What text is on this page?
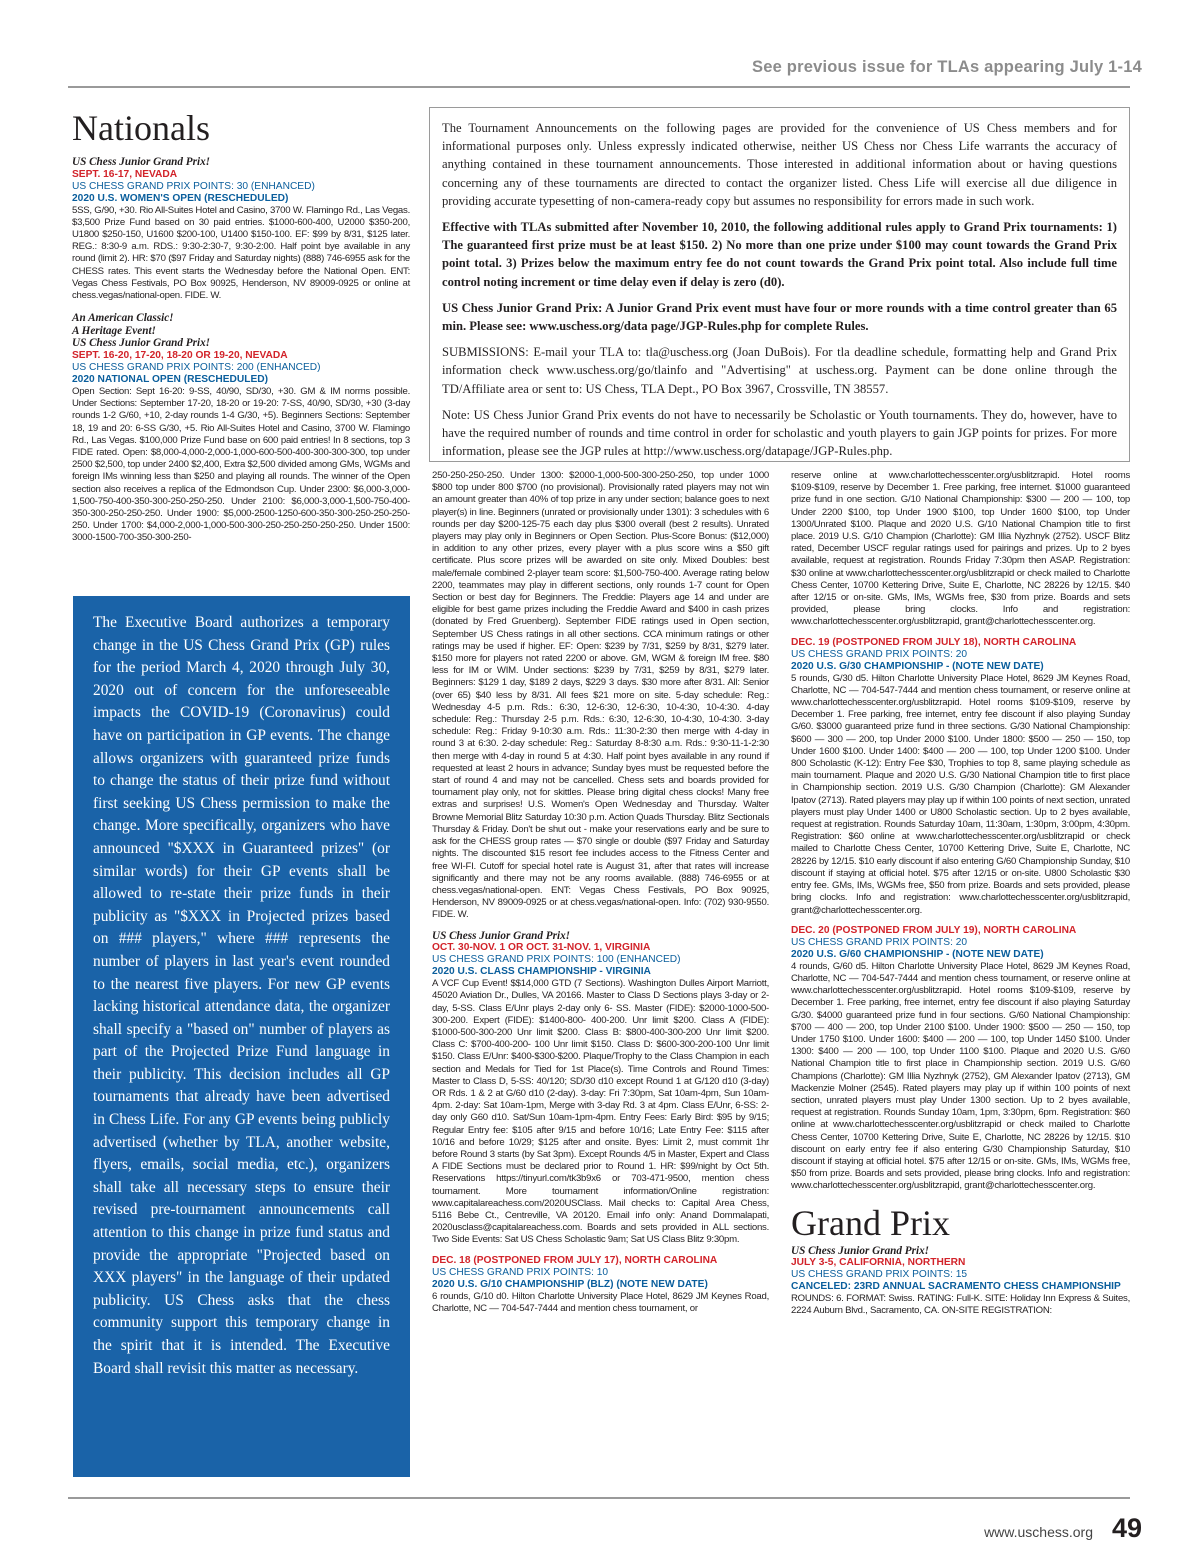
See previous issue for TLAs appearing July 1-14
Nationals
US Chess Junior Grand Prix!
SEPT. 16-17, NEVADA
US CHESS GRAND PRIX POINTS: 30 (ENHANCED)
2020 U.S. WOMEN'S OPEN (RESCHEDULED)
5SS, G/90, +30. Rio All-Suites Hotel and Casino, 3700 W. Flamingo Rd., Las Vegas. $3,500 Prize Fund based on 30 paid entries. $1000-600-400, U2000 $350-200, U1800 $250-150, U1600 $200-100, U1400 $150-100. EF: $99 by 8/31, $125 later. REG.: 8:30-9 a.m. RDS.: 9:30-2:30-7, 9:30-2:00. Half point bye available in any round (limit 2). HR: $70 ($97 Friday and Saturday nights) (888) 746-6955 ask for the CHESS rates. This event starts the Wednesday before the National Open. ENT: Vegas Chess Festivals, PO Box 90925, Henderson, NV 89009-0925 or online at chess.vegas/national-open. FIDE. W.
An American Classic!
A Heritage Event!
US Chess Junior Grand Prix!
SEPT. 16-20, 17-20, 18-20 OR 19-20, NEVADA
US CHESS GRAND PRIX POINTS: 200 (ENHANCED)
2020 NATIONAL OPEN (RESCHEDULED)
Open Section: Sept 16-20: 9-SS, 40/90, SD/30, +30. GM & IM norms possible. Under Sections: September 17-20, 18-20 or 19-20: 7-SS, 40/90, SD/30, +30 (3-day rounds 1-2 G/60, +10, 2-day rounds 1-4 G/30, +5). Beginners Sections: September 18, 19 and 20: 6-SS G/30, +5. Rio All-Suites Hotel and Casino, 3700 W. Flamingo Rd., Las Vegas. $100,000 Prize Fund base on 600 paid entries! In 8 sections, top 3 FIDE rated. Open: $8,000-4,000-2,000-1,000-600-500-400-300-300-300, top under 2500 $2,500, top under 2400 $2,400, Extra $2,500 divided among GMs, WGMs and foreign IMs winning less than $250 and playing all rounds. The winner of the Open section also receives a replica of the Edmondson Cup. Under 2300: $6,000-3,000-1,500-750-400-350-300-250-250-250. Under 2100: $6,000-3,000-1,500-750-400-350-300-250-250-250. Under 1900: $5,000-2500-1250-600-350-300-250-250-250-250. Under 1700: $4,000-2,000-1,000-500-300-250-250-250-250-250. Under 1500: 3000-1500-700-350-300-250-

The Tournament Announcements on the following pages are provided for the convenience of US Chess members and for informational purposes only. Unless expressly indicated otherwise, neither US Chess nor Chess Life warrants the accuracy of anything contained in these tournament announcements. Those interested in additional information about or having questions concerning any of these tournaments are directed to contact the organizer listed. Chess Life will exercise all due diligence in providing accurate typesetting of non-camera-ready copy but assumes no responsibility for errors made in such work.

Effective with TLAs submitted after November 10, 2010, the following additional rules apply to Grand Prix tournaments: 1) The guaranteed first prize must be at least $150. 2) No more than one prize under $100 may count towards the Grand Prix point total. 3) Prizes below the maximum entry fee do not count towards the Grand Prix point total. Also include full time control noting increment or time delay even if delay is zero (d0).

US Chess Junior Grand Prix: A Junior Grand Prix event must have four or more rounds with a time control greater than 65 min. Please see: www.uschess.org/data page/JGP-Rules.php for complete Rules.

SUBMISSIONS: E-mail your TLA to: tla@uschess.org (Joan DuBois). For tla deadline schedule, formatting help and Grand Prix information check www.uschess.org/go/tlainfo and "Advertising" at uschess.org. Payment can be done online through the TD/Affiliate area or sent to: US Chess, TLA Dept., PO Box 3967, Crossville, TN 38557.

Note: US Chess Junior Grand Prix events do not have to necessarily be Scholastic or Youth tournaments. They do, however, have to have the required number of rounds and time control in order for scholastic and youth players to gain JGP points for prizes. For more information, please see the JGP rules at http://www.uschess.org/datapage/JGP-Rules.php.

The Executive Board authorizes a temporary change in the US Chess Grand Prix (GP) rules for the period March 4, 2020 through July 30, 2020 out of concern for the unforeseeable impacts the COVID-19 (Coronavirus) could have on participation in GP events. The change allows organizers with guaranteed prize funds to change the status of their prize fund without first seeking US Chess permission to make the change. More specifically, organizers who have announced "$XXX in Guaranteed prizes" (or similar words) for their GP events shall be allowed to re-state their prize funds in their publicity as "$XXX in Projected prizes based on ### players," where ### represents the number of players in last year's event rounded to the nearest five players. For new GP events lacking historical attendance data, the organizer shall specify a "based on" number of players as part of the Projected Prize Fund language in their publicity. This decision includes all GP tournaments that already have been advertised in Chess Life. For any GP events being publicly advertised (whether by TLA, another website, flyers, emails, social media, etc.), organizers shall take all necessary steps to ensure their revised pre-tournament announcements call attention to this change in prize fund status and provide the appropriate "Projected based on XXX players" in the language of their updated publicity. US Chess asks that the chess community support this temporary change in the spirit that it is intended. The Executive Board shall revisit this matter as necessary.
250-250-250-250. Under 1300: $2000-1,000-500-300-250-250, top under 1000 $800 top under 800 $700 (no provisional). Provisionally rated players may not win an amount greater than 40% of top prize in any under section; balance goes to next player(s) in line. Beginners (unrated or provisionally under 1301): 3 schedules with 6 rounds per day $200-125-75 each day plus $300 overall (best 2 results). Unrated players may play only in Beginners or Open Section. Plus-Score Bonus: ($12,000) in addition to any other prizes, every player with a plus score wins a $50 gift certificate. Plus score prizes will be awarded on site only. Mixed Doubles: best male/female combined 2-player team score: $1,500-750-400. Average rating below 2200, teammates may play in different sections, only rounds 1-7 count for Open Section or best day for Beginners. The Freddie: Players age 14 and under are eligible for best game prizes including the Freddie Award and $400 in cash prizes (donated by Fred Gruenberg). September FIDE ratings used in Open section, September US Chess ratings in all other sections. CCA minimum ratings or other ratings may be used if higher. EF: Open: $239 by 7/31, $259 by 8/31, $279 later. $150 more for players not rated 2200 or above. GM, WGM & foreign IM free. $80 less for IM or WIM. Under sections: $239 by 7/31, $259 by 8/31, $279 later. Beginners: $129 1 day, $189 2 days, $229 3 days. $30 more after 8/31. All: Senior (over 65) $40 less by 8/31. All fees $21 more on site. 5-day schedule: Reg.: Wednesday 4-5 p.m. Rds.: 6:30, 12-6:30, 12-6:30, 10-4:30, 10-4:30. 4-day schedule: Reg.: Thursday 2-5 p.m. Rds.: 6:30, 12-6:30, 10-4:30, 10-4:30. 3-day schedule: Reg.: Friday 9-10:30 a.m. Rds.: 11:30-2:30 then merge with 4-day in round 3 at 6:30. 2-day schedule: Reg.: Saturday 8-8:30 a.m. Rds.: 9:30-11-1-2:30 then merge with 4-day in round 5 at 4:30. Half point byes available in any round if requested at least 2 hours in advance; Sunday byes must be requested before the start of round 4 and may not be cancelled. Chess sets and boards provided for tournament play only, not for skittles. Please bring digital chess clocks! Many free extras and surprises! U.S. Women's Open Wednesday and Thursday. Walter Browne Memorial Blitz Saturday 10:30 p.m. Action Quads Thursday. Blitz Sectionals Thursday & Friday. Don't be shut out - make your reservations early and be sure to ask for the CHESS group rates — $70 single or double ($97 Friday and Saturday nights. The discounted $15 resort fee includes access to the Fitness Center and free WI-FI. Cutoff for special hotel rate is August 31, after that rates will increase significantly and there may not be any rooms available. (888) 746-6955 or at chess.vegas/national-open. ENT: Vegas Chess Festivals, PO Box 90925, Henderson, NV 89009-0925 or at chess.vegas/national-open. Info: (702) 930-9550. FIDE. W.
US Chess Junior Grand Prix!
OCT. 30-NOV. 1 OR OCT. 31-NOV. 1, VIRGINIA
US CHESS GRAND PRIX POINTS: 100 (ENHANCED)
2020 U.S. CLASS CHAMPIONSHIP - VIRGINIA
A VCF Cup Event! $$14,000 GTD (7 Sections). Washington Dulles Airport Marriott, 45020 Aviation Dr., Dulles, VA 20166. Master to Class D Sections plays 3-day or 2-day, 5-SS. Class E/Unr plays 2-day only 6- SS. Master (FIDE): $2000-1000-500-300-200. Expert (FIDE): $1400-800- 400-200. Unr limit $200. Class A (FIDE): $1000-500-300-200 Unr limit $200. Class B: $800-400-300-200 Unr limit $200. Class C: $700-400-200- 100 Unr limit $150. Class D: $600-300-200-100 Unr limit $150. Class E/Unr: $400-$300-$200. Plaque/Trophy to the Class Champion in each section and Medals for Tied for 1st Place(s). Time Controls and Round Times: Master to Class D, 5-SS: 40/120; SD/30 d10 except Round 1 at G/120 d10 (3-day) OR Rds. 1 & 2 at G/60 d10 (2-day). 3-day: Fri 7:30pm, Sat 10am-4pm, Sun 10am-4pm. 2-day: Sat 10am-1pm, Merge with 3-day Rd. 3 at 4pm. Class E/Unr, 6-SS: 2-day only G60 d10. Sat/Sun 10am-1pm-4pm. Entry Fees: Early Bird: $95 by 9/15; Regular Entry fee: $105 after 9/15 and before 10/16; Late Entry Fee: $115 after 10/16 and before 10/29; $125 after and onsite. Byes: Limit 2, must commit 1hr before Round 3 starts (by Sat 3pm). Except Rounds 4/5 in Master, Expert and Class A FIDE Sections must be declared prior to Round 1. HR: $99/night by Oct 5th. Reservations https://tinyurl.com/tk3b9x6 or 703-471-9500, mention chess tournament. More tournament information/Online registration: www.capitalareachess.com/2020USClass. Mail checks to: Capital Area Chess, 5116 Bebe Ct., Centreville, VA 20120. Email info only: Anand Dommalapati, 2020usclass@capitalareachess.com. Boards and sets provided in ALL sections. Two Side Events: Sat US Chess Scholastic 9am; Sat US Class Blitz 9:30pm.
DEC. 18 (POSTPONED FROM JULY 17), NORTH CAROLINA
US CHESS GRAND PRIX POINTS: 10
2020 U.S. G/10 CHAMPIONSHIP (BLZ) (NOTE NEW DATE)
6 rounds, G/10 d0. Hilton Charlotte University Place Hotel, 8629 JM Keynes Road, Charlotte, NC — 704-547-7444 and mention chess tournament, or
reserve online at www.charlottechesscenter.org/usblitzrapid. Hotel rooms $109-$109, reserve by December 1. Free parking, free internet. $1000 guaranteed prize fund in one section. G/10 National Championship: $300 — 200 — 100, top Under 2200 $100, top Under 1900 $100, top Under 1600 $100, top Under 1300/Unrated $100. Plaque and 2020 U.S. G/10 National Champion title to first place. 2019 U.S. G/10 Champion (Charlotte): GM Illia Nyzhnyk (2752). USCF Blitz rated, December USCF regular ratings used for pairings and prizes. Up to 2 byes available, request at registration. Rounds Friday 7:30pm then ASAP. Registration: $30 online at www.charlottechesscenter.org/usblitzrapid or check mailed to Charlotte Chess Center, 10700 Kettering Drive, Suite E, Charlotte, NC 28226 by 12/15. $40 after 12/15 or on-site. GMs, IMs, WGMs free, $30 from prize. Boards and sets provided, please bring clocks. Info and registration: www.charlottechesscenter.org/usblitzrapid, grant@charlottechesscenter.org.
DEC. 19 (POSTPONED FROM JULY 18), NORTH CAROLINA
US CHESS GRAND PRIX POINTS: 20
2020 U.S. G/30 CHAMPIONSHIP - (NOTE NEW DATE)
5 rounds, G/30 d5. Hilton Charlotte University Place Hotel, 8629 JM Keynes Road, Charlotte, NC — 704-547-7444 and mention chess tournament, or reserve online at www.charlottechesscenter.org/usblitzrapid. Hotel rooms $109-$109, reserve by December 1. Free parking, free internet, entry fee discount if also playing Sunday G/60. $3000 guaranteed prize fund in three sections. G/30 National Championship: $600 — 300 — 200, top Under 2000 $100. Under 1800: $500 — 250 — 150, top Under 1600 $100. Under 1400: $400 — 200 — 100, top Under 1200 $100. Under 800 Scholastic (K-12): Entry Fee $30, Trophies to top 8, same playing schedule as main tournament. Plaque and 2020 U.S. G/30 National Champion title to first place in Championship section. 2019 U.S. G/30 Champion (Charlotte): GM Alexander Ipatov (2713). Rated players may play up if within 100 points of next section, unrated players must play Under 1400 or U800 Scholastic section. Up to 2 byes available, request at registration. Rounds Saturday 10am, 11:30am, 1:30pm, 3:00pm, 4:30pm. Registration: $60 online at www.charlottechesscenter.org/usblitzrapid or check mailed to Charlotte Chess Center, 10700 Kettering Drive, Suite E, Charlotte, NC 28226 by 12/15. $10 early discount if also entering G/60 Championship Sunday, $10 discount if staying at official hotel. $75 after 12/15 or on-site. U800 Scholastic $30 entry fee. GMs, IMs, WGMs free, $50 from prize. Boards and sets provided, please bring clocks. Info and registration: www.charlottechesscenter.org/usblitzrapid, grant@charlottechesscenter.org.
DEC. 20 (POSTPONED FROM JULY 19), NORTH CAROLINA
US CHESS GRAND PRIX POINTS: 20
2020 U.S. G/60 CHAMPIONSHIP - (NOTE NEW DATE)
4 rounds, G/60 d5. Hilton Charlotte University Place Hotel, 8629 JM Keynes Road, Charlotte, NC — 704-547-7444 and mention chess tournament, or reserve online at www.charlottechesscenter.org/usblitzrapid. Hotel rooms $109-$109, reserve by December 1. Free parking, free internet, entry fee discount if also playing Saturday G/30. $4000 guaranteed prize fund in four sections. G/60 National Championship: $700 — 400 — 200, top Under 2100 $100. Under 1900: $500 — 250 — 150, top Under 1750 $100. Under 1600: $400 — 200 — 100, top Under 1450 $100. Under 1300: $400 — 200 — 100, top Under 1100 $100. Plaque and 2020 U.S. G/60 National Champion title to first place in Championship section. 2019 U.S. G/60 Champions (Charlotte): GM Illia Nyzhnyk (2752), GM Alexander Ipatov (2713), GM Mackenzie Molner (2545). Rated players may play up if within 100 points of next section, unrated players must play Under 1300 section. Up to 2 byes available, request at registration. Rounds Sunday 10am, 1pm, 3:30pm, 6pm. Registration: $60 online at www.charlottechesscenter.org/usblitzrapid or check mailed to Charlotte Chess Center, 10700 Kettering Drive, Suite E, Charlotte, NC 28226 by 12/15. $10 discount on early entry fee if also entering G/30 Championship Saturday, $10 discount if staying at official hotel. $75 after 12/15 or on-site. GMs, IMs, WGMs free, $50 from prize. Boards and sets provided, please bring clocks. Info and registration: www.charlottechesscenter.org/usblitzrapid, grant@charlottechesscenter.org.
Grand Prix
US Chess Junior Grand Prix!
JULY 3-5, CALIFORNIA, NORTHERN
US CHESS GRAND PRIX POINTS: 15
CANCELED: 23RD ANNUAL SACRAMENTO CHESS CHAMPIONSHIP
ROUNDS: 6. FORMAT: Swiss. RATING: Full-K. SITE: Holiday Inn Express & Suites, 2224 Auburn Blvd., Sacramento, CA. ON-SITE REGISTRATION:
www.uschess.org 49
